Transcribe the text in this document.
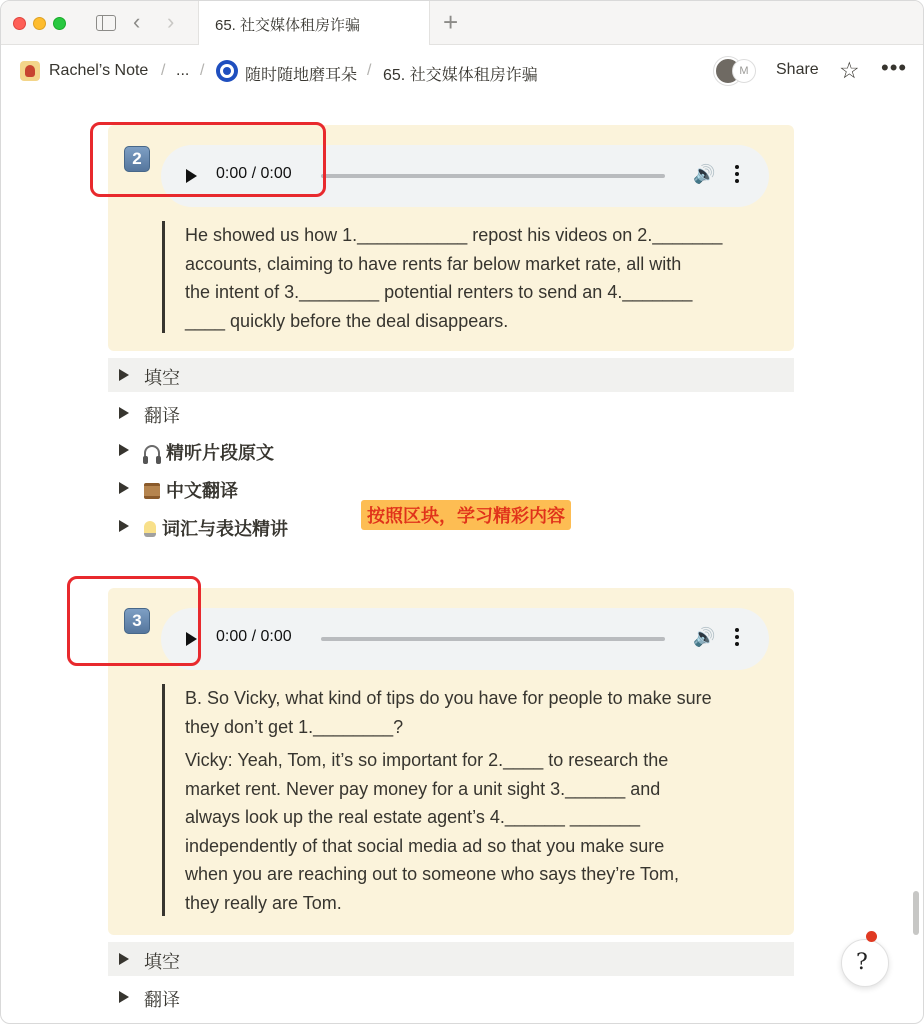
‹ ›	65. 社交媒体租房诈骗	+
Rachel’s Note / ... /	随时随地磨耳朵 / 65. 社交媒体租房诈骗	M	Share ☆ •••
2
0:00 / 0:00	🔊

He showed us how 1.___________ repost his videos on 2._______

accounts, claiming to have rents far below market rate, all with

the intent of 3.________ potential renters to send an 4._______

____ quickly before the deal disappears.

填空
翻译
精听片段原文
中文翻译
词汇与表达精讲
按照区块，学习精彩内容
3
0:00 / 0:00	🔊

B. So Vicky, what kind of tips do you have for people to make sure

they don’t get 1.________?

Vicky: Yeah, Tom, it’s so important for 2.____ to research the

market rent. Never pay money for a unit sight 3.______ and

always look up the real estate agent’s 4.______ _______

independently of that social media ad so that you make sure

when you are reaching out to someone who says they’re Tom,

they really are Tom.

填空
翻译
?
